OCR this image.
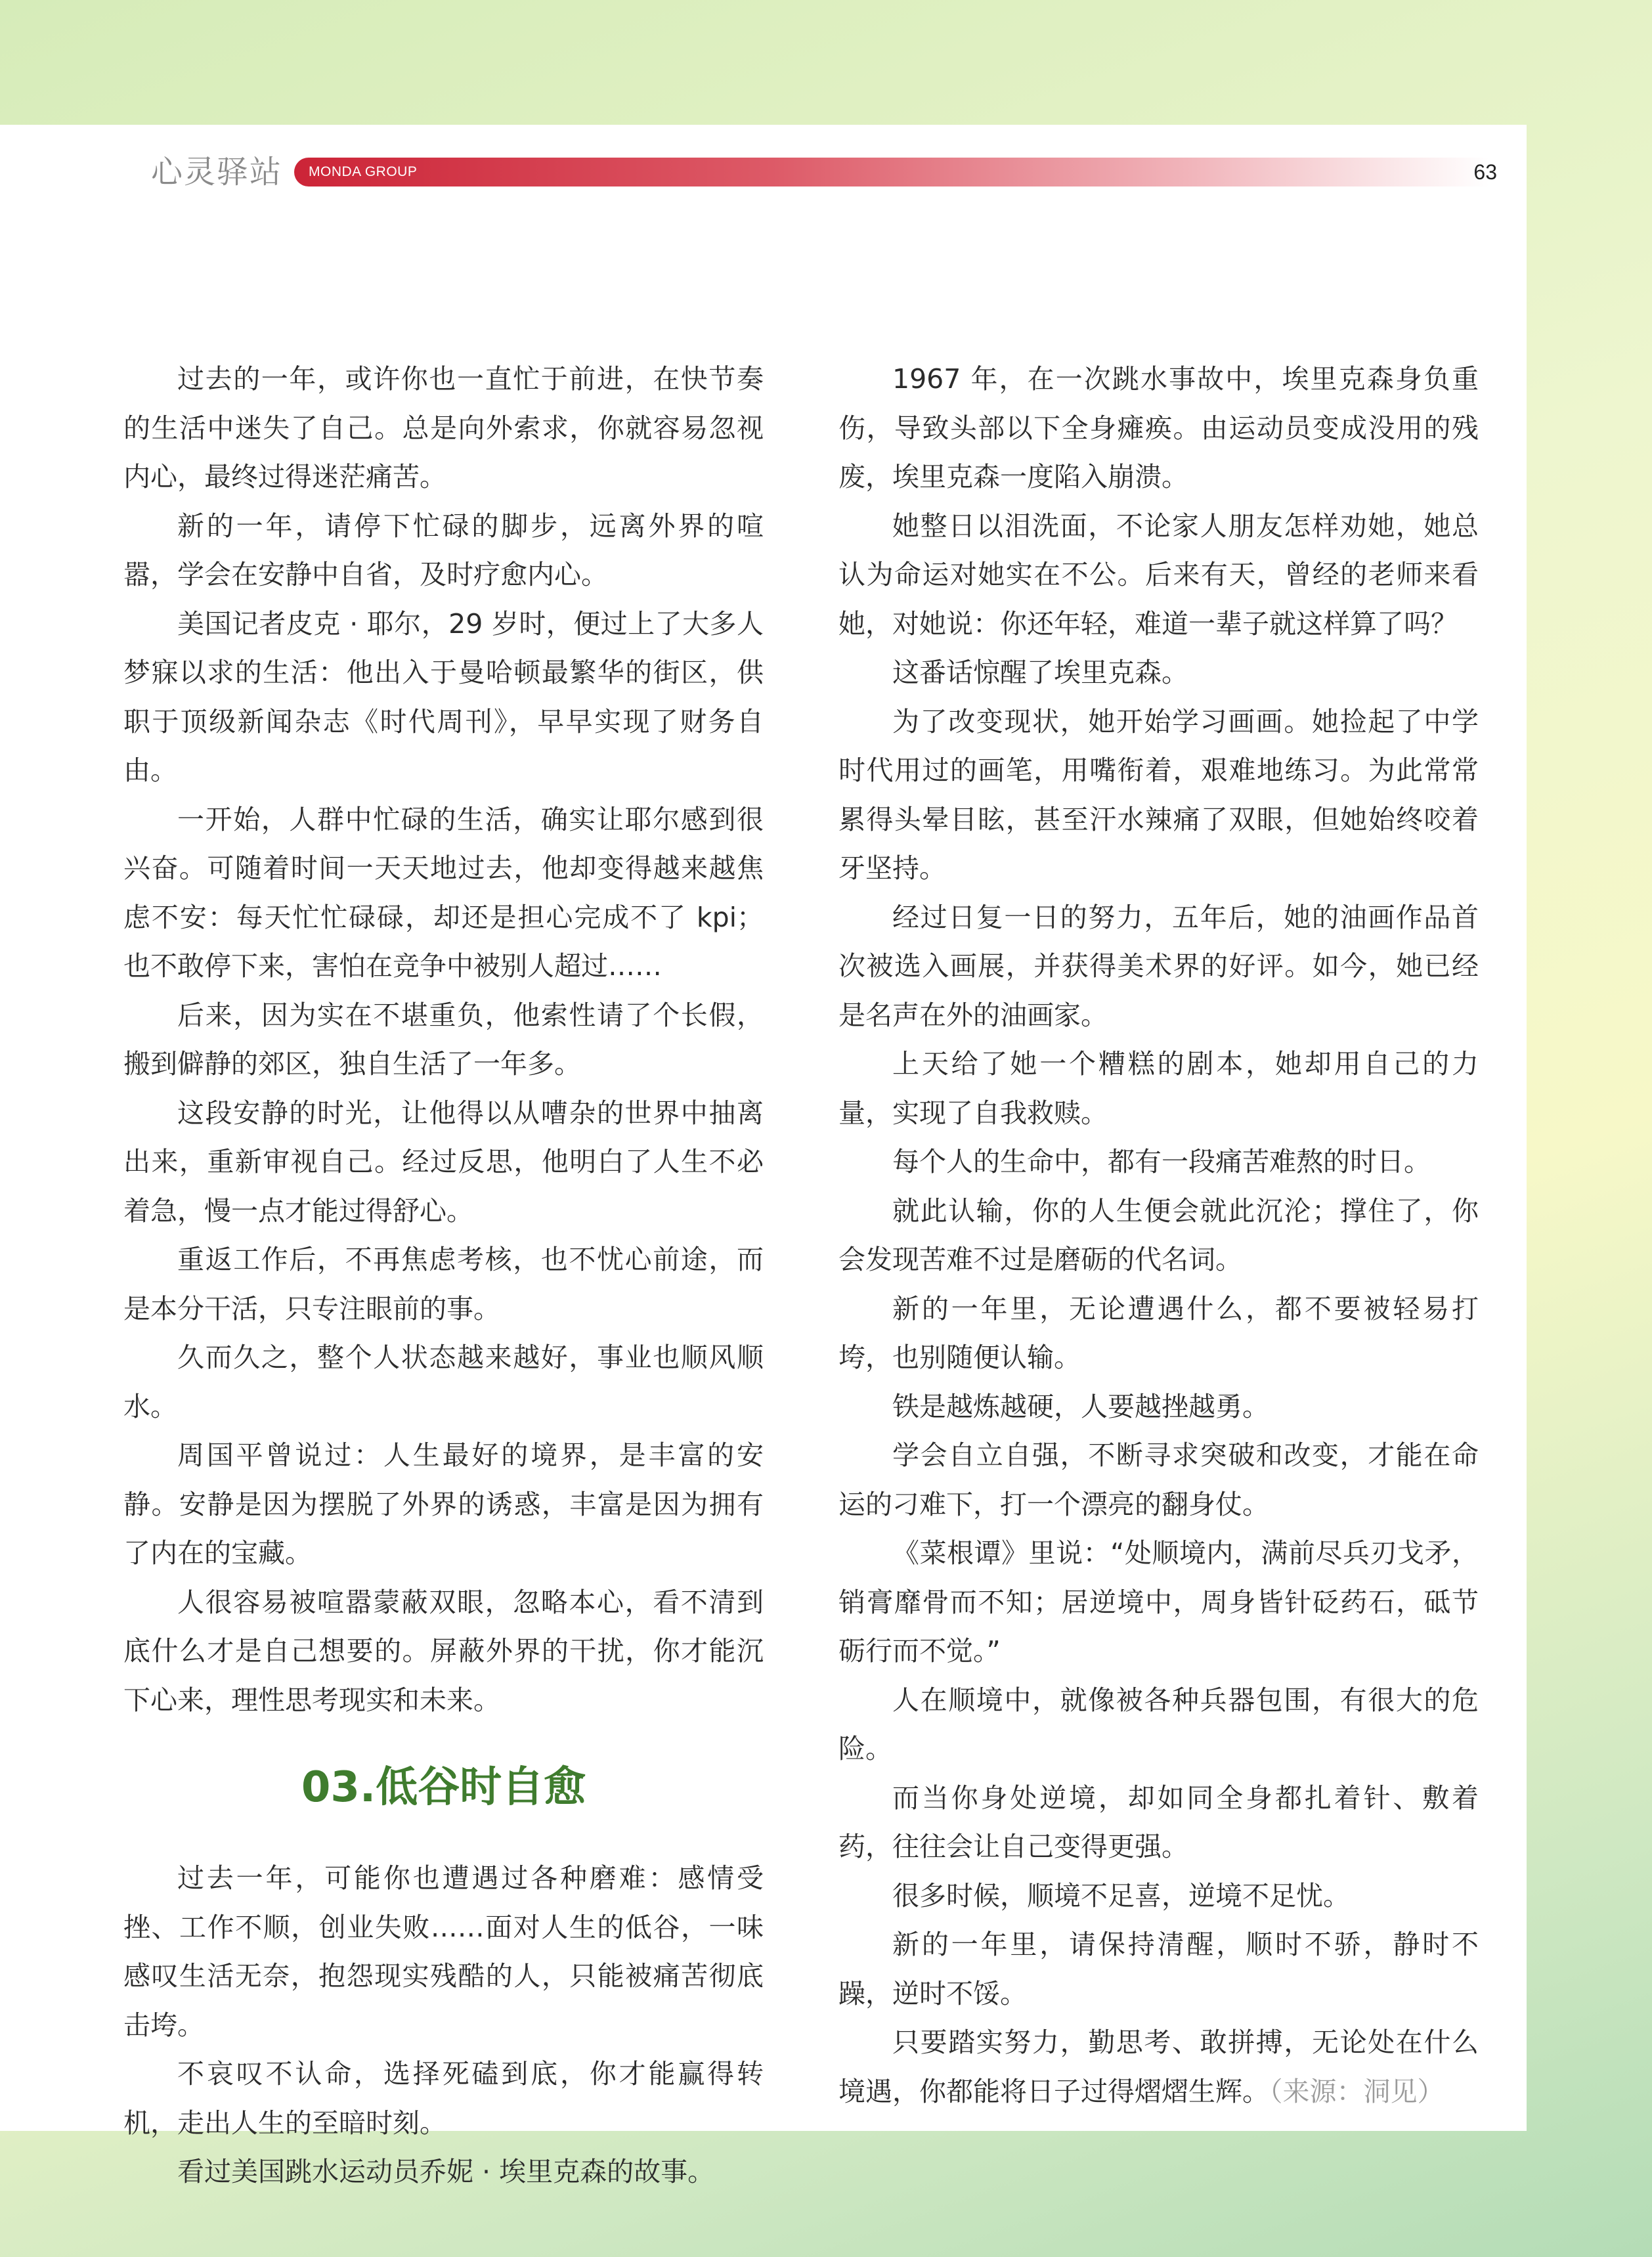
心灵驿站 MONDA GROUP	63

过去的一年，或许你也一直忙于前进，在快节奏的生活中迷失了自己。总是向外索求，你就容易忽视内心，最终过得迷茫痛苦。

新的一年，请停下忙碌的脚步，远离外界的喧嚣，学会在安静中自省，及时疗愈内心。

美国记者皮克 · 耶尔，29 岁时，便过上了大多人梦寐以求的生活：他出入于曼哈顿最繁华的街区，供职于顶级新闻杂志《时代周刊》，早早实现了财务自由。

一开始，人群中忙碌的生活，确实让耶尔感到很兴奋。可随着时间一天天地过去，他却变得越来越焦虑不安：每天忙忙碌碌，却还是担心完成不了 kpi；也不敢停下来，害怕在竞争中被别人超过……

后来，因为实在不堪重负，他索性请了个长假，搬到僻静的郊区，独自生活了一年多。

这段安静的时光，让他得以从嘈杂的世界中抽离出来，重新审视自己。经过反思，他明白了人生不必着急，慢一点才能过得舒心。

重返工作后，不再焦虑考核，也不忧心前途，而是本分干活，只专注眼前的事。

久而久之，整个人状态越来越好，事业也顺风顺水。

周国平曾说过：人生最好的境界，是丰富的安静。安静是因为摆脱了外界的诱惑，丰富是因为拥有了内在的宝藏。

人很容易被喧嚣蒙蔽双眼，忽略本心，看不清到底什么才是自己想要的。屏蔽外界的干扰，你才能沉下心来，理性思考现实和未来。

03.低谷时自愈

过去一年，可能你也遭遇过各种磨难：感情受挫、工作不顺，创业失败……面对人生的低谷，一味感叹生活无奈，抱怨现实残酷的人，只能被痛苦彻底击垮。

不哀叹不认命，选择死磕到底，你才能赢得转机，走出人生的至暗时刻。

看过美国跳水运动员乔妮 · 埃里克森的故事。

1967 年，在一次跳水事故中，埃里克森身负重伤，导致头部以下全身瘫痪。由运动员变成没用的残废，埃里克森一度陷入崩溃。

她整日以泪洗面，不论家人朋友怎样劝她，她总认为命运对她实在不公。后来有天，曾经的老师来看她，对她说：你还年轻，难道一辈子就这样算了吗？

这番话惊醒了埃里克森。

为了改变现状，她开始学习画画。她捡起了中学时代用过的画笔，用嘴衔着，艰难地练习。为此常常累得头晕目眩，甚至汗水辣痛了双眼，但她始终咬着牙坚持。

经过日复一日的努力，五年后，她的油画作品首次被选入画展，并获得美术界的好评。如今，她已经是名声在外的油画家。

上天给了她一个糟糕的剧本，她却用自己的力量，实现了自我救赎。

每个人的生命中，都有一段痛苦难熬的时日。

就此认输，你的人生便会就此沉沦；撑住了，你会发现苦难不过是磨砺的代名词。

新的一年里，无论遭遇什么，都不要被轻易打垮，也别随便认输。

铁是越炼越硬，人要越挫越勇。

学会自立自强，不断寻求突破和改变，才能在命运的刁难下，打一个漂亮的翻身仗。

《菜根谭》里说：“处顺境内，满前尽兵刃戈矛，销膏靡骨而不知；居逆境中，周身皆针砭药石，砥节砺行而不觉。”

人在顺境中，就像被各种兵器包围，有很大的危险。

而当你身处逆境，却如同全身都扎着针、敷着药，往往会让自己变得更强。

很多时候，顺境不足喜，逆境不足忧。

新的一年里，请保持清醒，顺时不骄，静时不躁，逆时不馁。

只要踏实努力，勤思考、敢拼搏，无论处在什么境遇，你都能将日子过得熠熠生辉。（来源：洞见）
